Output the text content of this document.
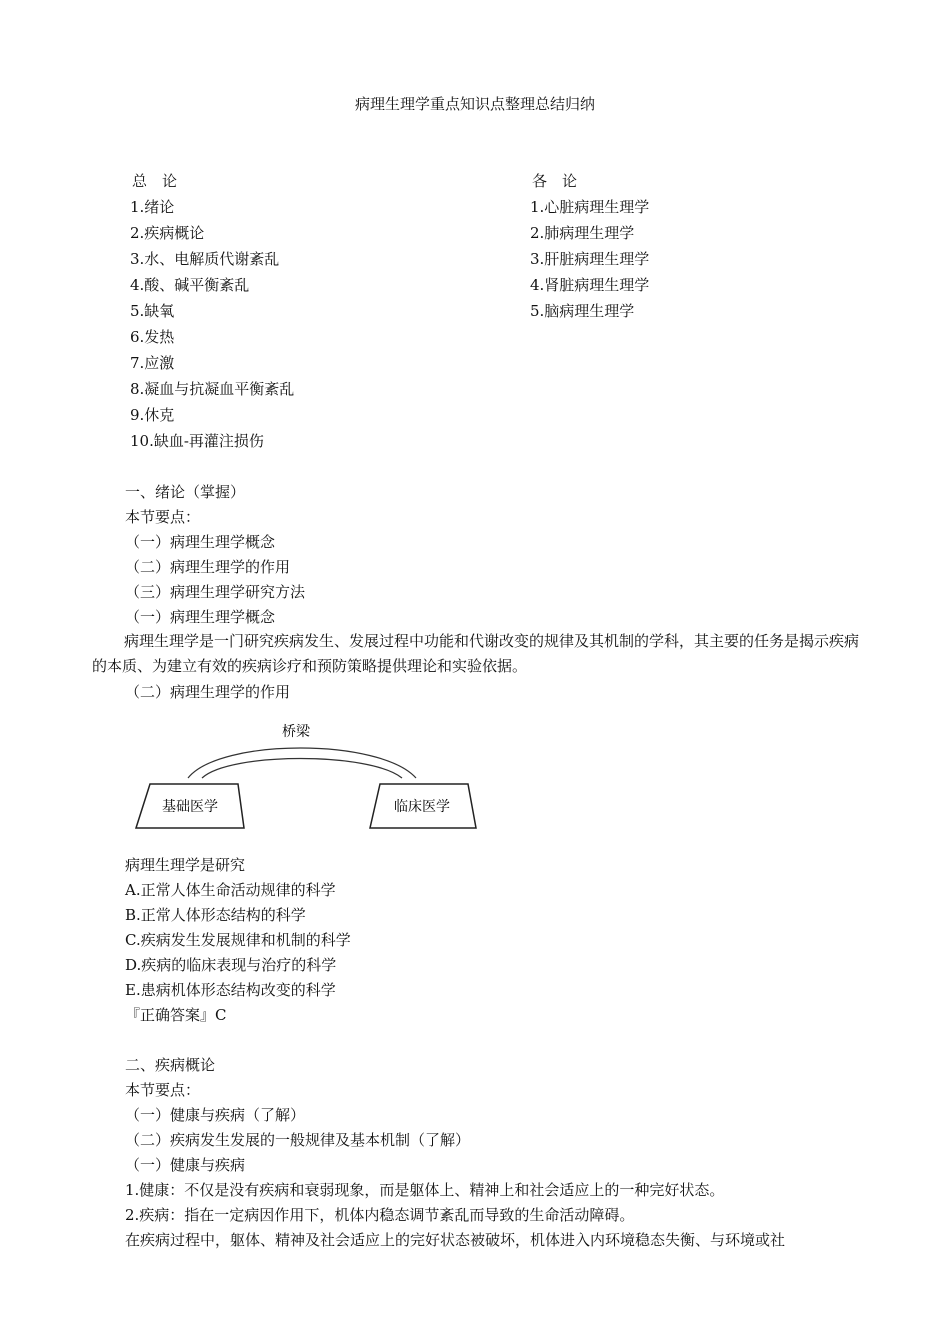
病理生理学重点知识点整理总结归纳
总　论
1.绪论
2.疾病概论
3.水、电解质代谢紊乱
4.酸、碱平衡紊乱
5.缺氧
6.发热
7.应激
8.凝血与抗凝血平衡紊乱
9.休克
10.缺血-再灌注损伤
各　论
1.心脏病理生理学
2.肺病理生理学
3.肝脏病理生理学
4.肾脏病理生理学
5.脑病理生理学
一、绪论（掌握）
本节要点：
（一）病理生理学概念
（二）病理生理学的作用
（三）病理生理学研究方法
（一）病理生理学概念
病理生理学是一门研究疾病发生、发展过程中功能和代谢改变的规律及其机制的学科，其主要的任务是揭示疾病的本质、为建立有效的疾病诊疗和预防策略提供理论和实验依据。
（二）病理生理学的作用
桥梁
基础医学	临床医学
病理生理学是研究
A.正常人体生命活动规律的科学
B.正常人体形态结构的科学
C.疾病发生发展规律和机制的科学
D.疾病的临床表现与治疗的科学
E.患病机体形态结构改变的科学
『正确答案』C
二、疾病概论
本节要点：
（一）健康与疾病（了解）
（二）疾病发生发展的一般规律及基本机制（了解）
（一）健康与疾病
1.健康：不仅是没有疾病和衰弱现象，而是躯体上、精神上和社会适应上的一种完好状态。
2.疾病：指在一定病因作用下，机体内稳态调节紊乱而导致的生命活动障碍。
在疾病过程中，躯体、精神及社会适应上的完好状态被破坏，机体进入内环境稳态失衡、与环境或社
